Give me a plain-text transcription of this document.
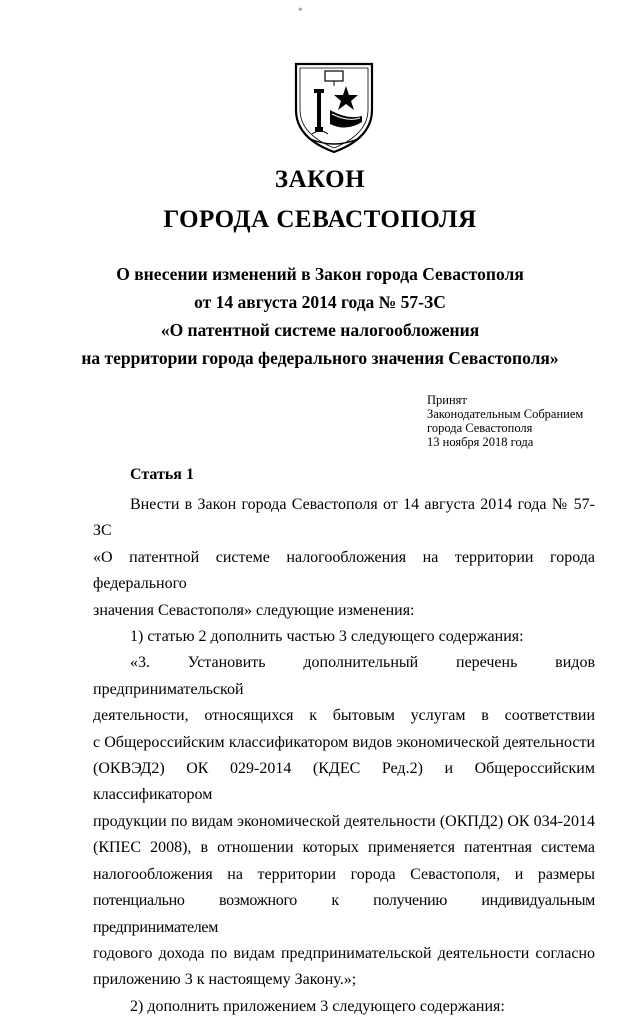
*
ЗАКОН
ГОРОДА СЕВАСТОПОЛЯ
О внесении изменений в Закон города Севастополя
от 14 августа 2014 года № 57-ЗС
«О патентной системе налогообложения
на территории города федерального значения Севастополя»
Принят
Законодательным Собранием
города Севастополя
13 ноября 2018 года
Статья 1

Внести в Закон города Севастополя от 14 августа 2014 года № 57-ЗС

«О патентной системе налогообложения на территории города федерального

значения Севастополя» следующие изменения:

1) статью 2 дополнить частью 3 следующего содержания:

«3. Установить дополнительный перечень видов предпринимательской

деятельности, относящихся к бытовым услугам в соответствии

с Общероссийским классификатором видов экономической деятельности

(ОКВЭД2) ОК 029-2014 (КДЕС Ред.2) и Общероссийским классификатором

продукции по видам экономической деятельности (ОКПД2) ОК 034-2014

(КПЕС 2008), в отношении которых применяется патентная система

налогообложения на территории города Севастополя, и размеры

потенциально возможного к получению индивидуальным предпринимателем

годового дохода по видам предпринимательской деятельности согласно

приложению 3 к настоящему Закону.»;

2) дополнить приложением 3 следующего содержания:
